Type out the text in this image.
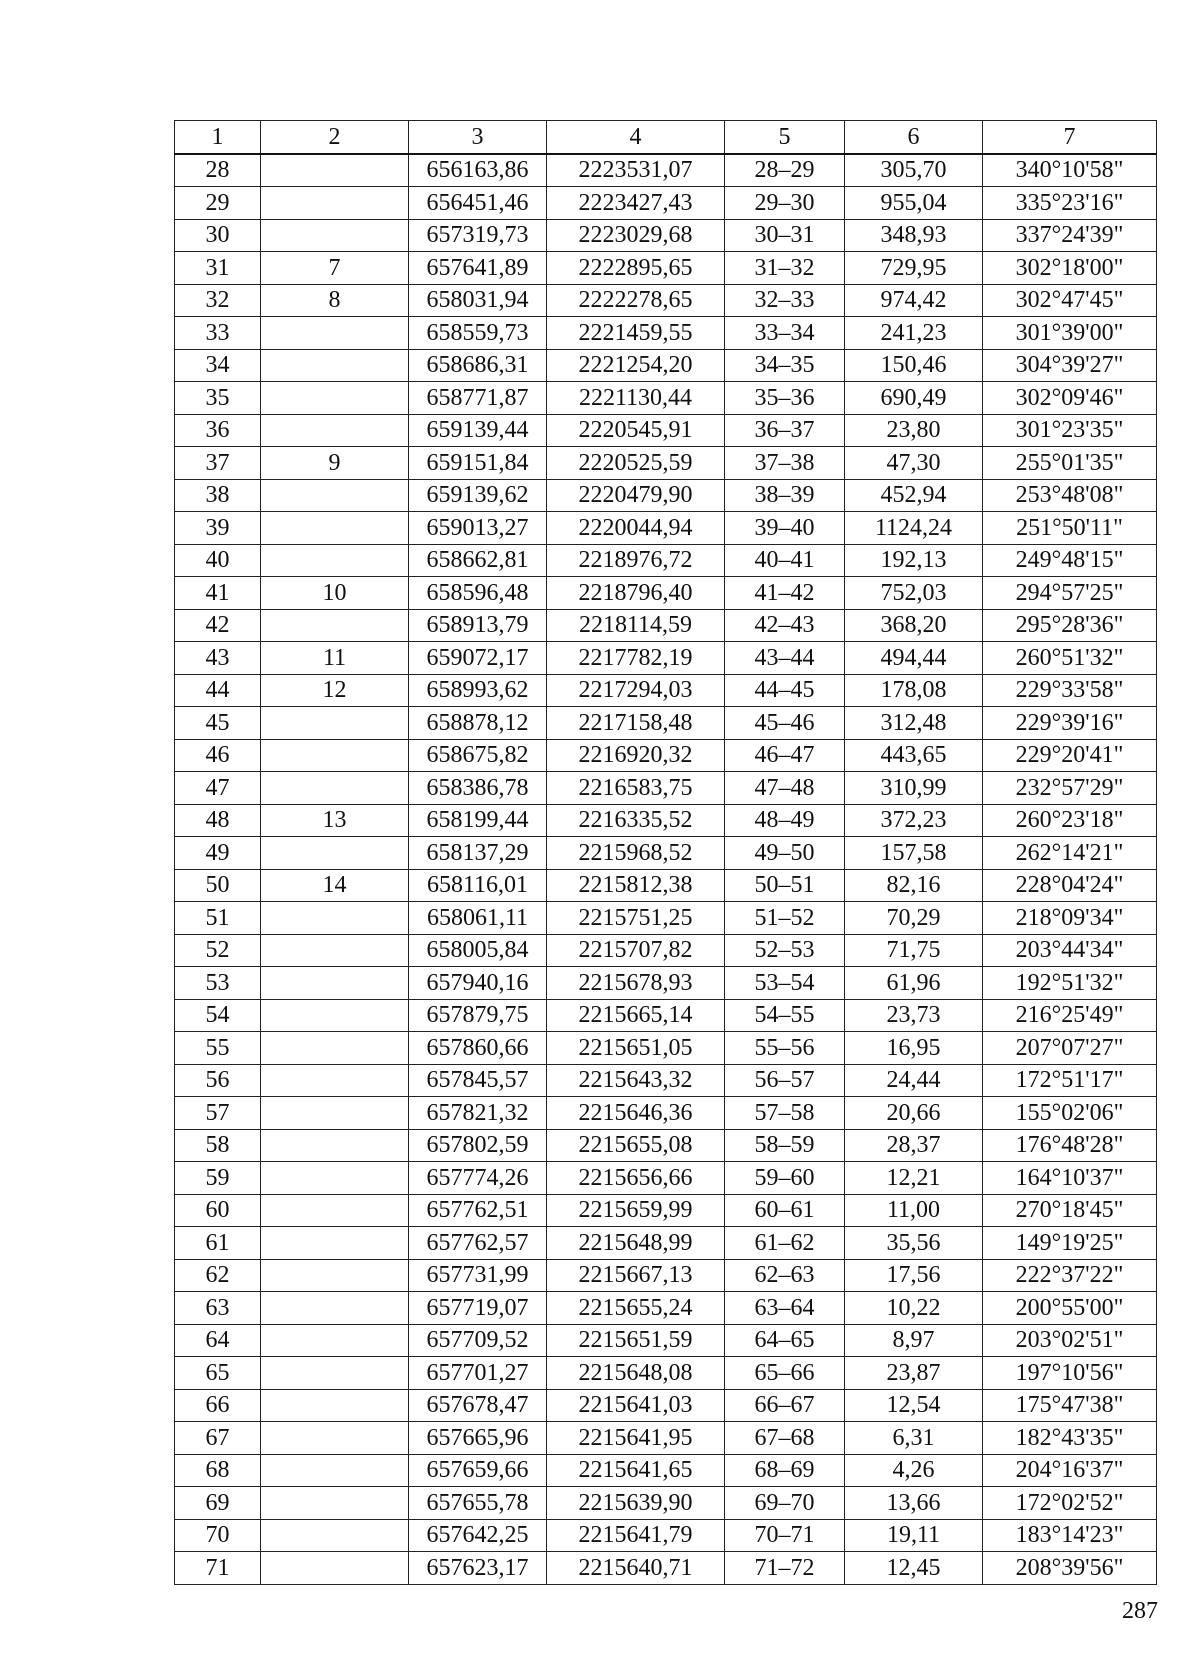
1	2	3	4	5	6	7
28		656163,86	2223531,07	28–29	305,70	340°10'58"
29		656451,46	2223427,43	29–30	955,04	335°23'16"
30		657319,73	2223029,68	30–31	348,93	337°24'39"
31	7	657641,89	2222895,65	31–32	729,95	302°18'00"
32	8	658031,94	2222278,65	32–33	974,42	302°47'45"
33		658559,73	2221459,55	33–34	241,23	301°39'00"
34		658686,31	2221254,20	34–35	150,46	304°39'27"
35		658771,87	2221130,44	35–36	690,49	302°09'46"
36		659139,44	2220545,91	36–37	23,80	301°23'35"
37	9	659151,84	2220525,59	37–38	47,30	255°01'35"
38		659139,62	2220479,90	38–39	452,94	253°48'08"
39		659013,27	2220044,94	39–40	1124,24	251°50'11"
40		658662,81	2218976,72	40–41	192,13	249°48'15"
41	10	658596,48	2218796,40	41–42	752,03	294°57'25"
42		658913,79	2218114,59	42–43	368,20	295°28'36"
43	11	659072,17	2217782,19	43–44	494,44	260°51'32"
44	12	658993,62	2217294,03	44–45	178,08	229°33'58"
45		658878,12	2217158,48	45–46	312,48	229°39'16"
46		658675,82	2216920,32	46–47	443,65	229°20'41"
47		658386,78	2216583,75	47–48	310,99	232°57'29"
48	13	658199,44	2216335,52	48–49	372,23	260°23'18"
49		658137,29	2215968,52	49–50	157,58	262°14'21"
50	14	658116,01	2215812,38	50–51	82,16	228°04'24"
51		658061,11	2215751,25	51–52	70,29	218°09'34"
52		658005,84	2215707,82	52–53	71,75	203°44'34"
53		657940,16	2215678,93	53–54	61,96	192°51'32"
54		657879,75	2215665,14	54–55	23,73	216°25'49"
55		657860,66	2215651,05	55–56	16,95	207°07'27"
56		657845,57	2215643,32	56–57	24,44	172°51'17"
57		657821,32	2215646,36	57–58	20,66	155°02'06"
58		657802,59	2215655,08	58–59	28,37	176°48'28"
59		657774,26	2215656,66	59–60	12,21	164°10'37"
60		657762,51	2215659,99	60–61	11,00	270°18'45"
61		657762,57	2215648,99	61–62	35,56	149°19'25"
62		657731,99	2215667,13	62–63	17,56	222°37'22"
63		657719,07	2215655,24	63–64	10,22	200°55'00"
64		657709,52	2215651,59	64–65	8,97	203°02'51"
65		657701,27	2215648,08	65–66	23,87	197°10'56"
66		657678,47	2215641,03	66–67	12,54	175°47'38"
67		657665,96	2215641,95	67–68	6,31	182°43'35"
68		657659,66	2215641,65	68–69	4,26	204°16'37"
69		657655,78	2215639,90	69–70	13,66	172°02'52"
70		657642,25	2215641,79	70–71	19,11	183°14'23"
71		657623,17	2215640,71	71–72	12,45	208°39'56"
287
